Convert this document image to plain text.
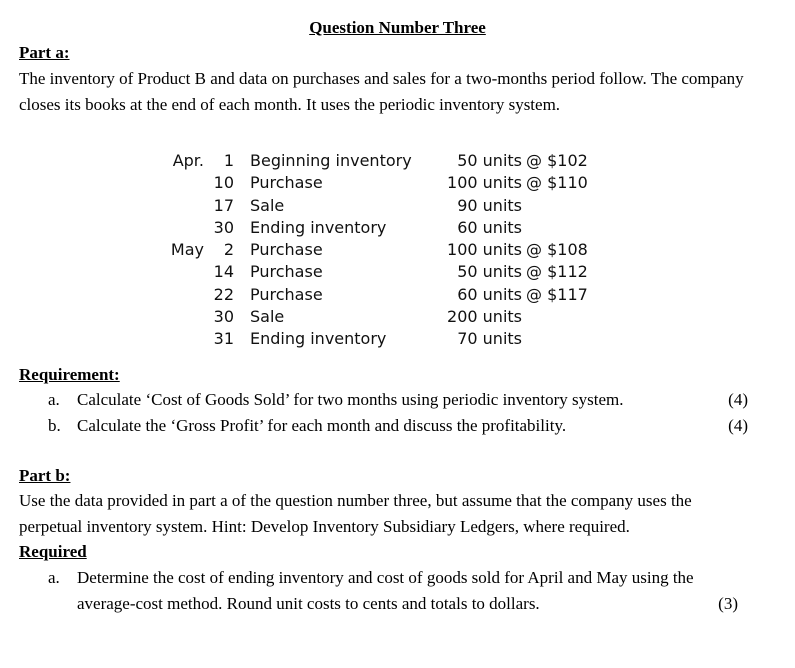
Question Number Three
Part a:
The inventory of Product B and data on purchases and sales for a two-months period follow. The company closes its books at the end of each month. It uses the periodic inventory system.
Apr.	1 Beginning inventory	50 units @ $102
10 Purchase	100 units @ $110
17 Sale	90 units
30 Ending inventory	60 units
May	2 Purchase	100 units @ $108
14 Purchase	50 units @ $112
22 Purchase	60 units @ $117
30 Sale	200 units
31 Ending inventory	70 units
Requirement:
a. Calculate ‘Cost of Goods Sold’ for two months using periodic inventory system.	(4)
b. Calculate the ‘Gross Profit’ for each month and discuss the profitability.	(4)
Part b:
Use the data provided in part a of the question number three, but assume that the company uses the perpetual inventory system. Hint: Develop Inventory Subsidiary Ledgers, where required.
Required
a. Determine the cost of ending inventory and cost of goods sold for April and May using the average-cost method. Round unit costs to cents and totals to dollars.	(3)
